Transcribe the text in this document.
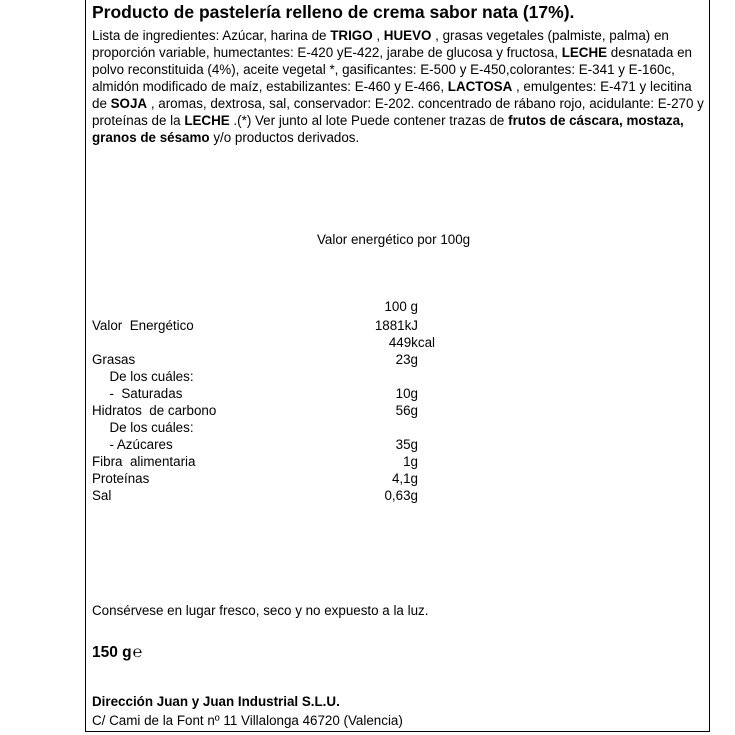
Producto de pastelería relleno de crema sabor nata (17%).

Lista de ingredientes: Azúcar, harina de TRIGO , HUEVO , grasas vegetales (palmiste, palma) en proporción variable, humectantes: E-420 yE-422, jarabe de glucosa y fructosa, LECHE desnatada en polvo reconstituida (4%), aceite vegetal *, gasificantes: E-500 y E-450,colorantes: E-341 y E-160c, almidón modificado de maíz, estabilizantes: E-460 y E-466, LACTOSA , emulgentes: E-471 y lecitina de SOJA , aromas, dextrosa, sal, conservador: E-202. concentrado de rábano rojo, acidulante: E-270 y proteínas de la LECHE .(*) Ver junto al lote Puede contener trazas de frutos de cáscara, mostaza, granos de sésamo y/o productos derivados.

Valor energético por 100g
100 g
Valor  Energético	1881kJ
449kcal
Grasas	23g
De los cuáles:
-  Saturadas	10g
Hidratos  de carbono	56g
De los cuáles:
- Azúcares	35g
Fibra  alimentaria	1g
Proteínas	4,1g
Sal	0,63g
Consérvese en lugar fresco, seco y no expuesto a la luz.
150 g℮
Dirección Juan y Juan Industrial S.L.U.
C/ Cami de la Font nº 11 Villalonga 46720 (Valencia)
